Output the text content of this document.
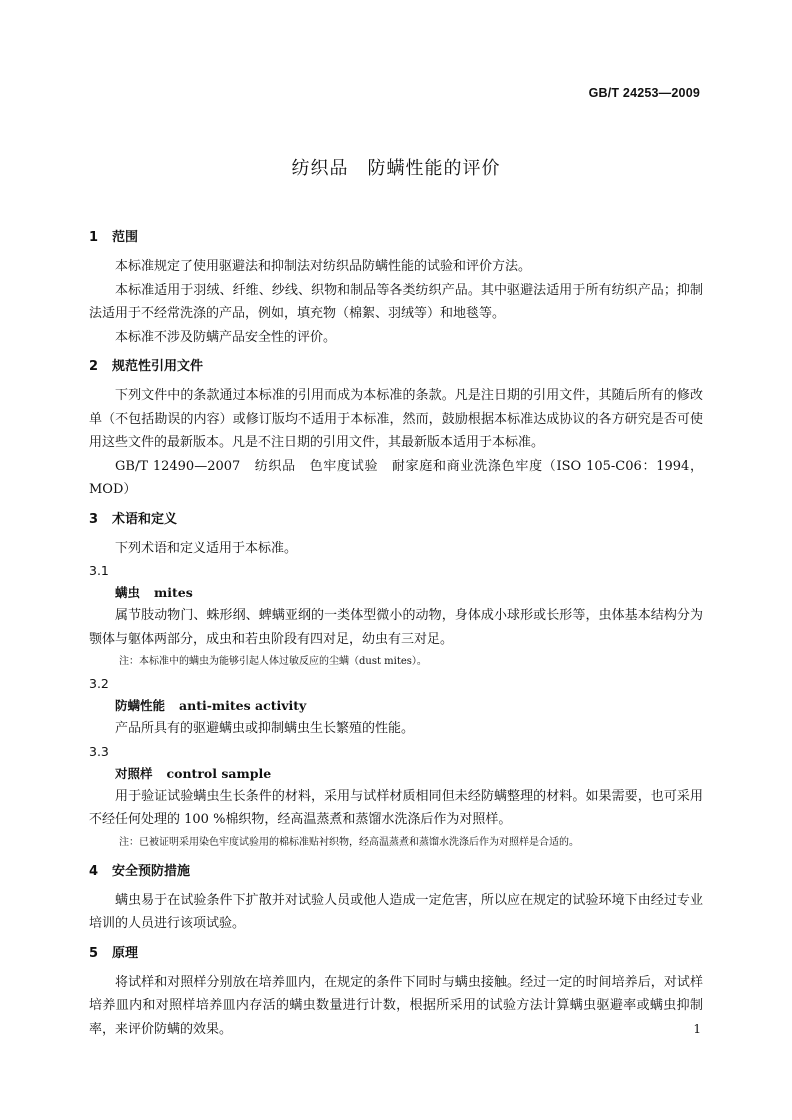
GB/T 24253—2009
纺织品　防螨性能的评价
1 范围

本标准规定了使用驱避法和抑制法对纺织品防螨性能的试验和评价方法。

本标准适用于羽绒、纤维、纱线、织物和制品等各类纺织产品。其中驱避法适用于所有纺织产品；抑制法适用于不经常洗涤的产品，例如，填充物（棉絮、羽绒等）和地毯等。

本标准不涉及防螨产品安全性的评价。

2 规范性引用文件

下列文件中的条款通过本标准的引用而成为本标准的条款。凡是注日期的引用文件，其随后所有的修改单（不包括勘误的内容）或修订版均不适用于本标准，然而，鼓励根据本标准达成协议的各方研究是否可使用这些文件的最新版本。凡是不注日期的引用文件，其最新版本适用于本标准。

GB/T 12490—2007　纺织品　色牢度试验　耐家庭和商业洗涤色牢度（ISO 105-C06：1994，MOD）

3 术语和定义

下列术语和定义适用于本标准。

3.1

螨虫 mites

属节肢动物门、蛛形纲、蜱螨亚纲的一类体型微小的动物，身体成小球形或长形等，虫体基本结构分为颚体与躯体两部分，成虫和若虫阶段有四对足，幼虫有三对足。

注：本标准中的螨虫为能够引起人体过敏反应的尘螨（dust mites）。

3.2

防螨性能 anti-mites activity

产品所具有的驱避螨虫或抑制螨虫生长繁殖的性能。

3.3

对照样 control sample

用于验证试验螨虫生长条件的材料，采用与试样材质相同但未经防螨整理的材料。如果需要，也可采用不经任何处理的 100 %棉织物，经高温蒸煮和蒸馏水洗涤后作为对照样。

注：已被证明采用染色牢度试验用的棉标准贴衬织物，经高温蒸煮和蒸馏水洗涤后作为对照样是合适的。

4 安全预防措施

螨虫易于在试验条件下扩散并对试验人员或他人造成一定危害，所以应在规定的试验环境下由经过专业培训的人员进行该项试验。

5 原理

将试样和对照样分别放在培养皿内，在规定的条件下同时与螨虫接触。经过一定的时间培养后，对试样培养皿内和对照样培养皿内存活的螨虫数量进行计数，根据所采用的试验方法计算螨虫驱避率或螨虫抑制率，来评价防螨的效果。	1
